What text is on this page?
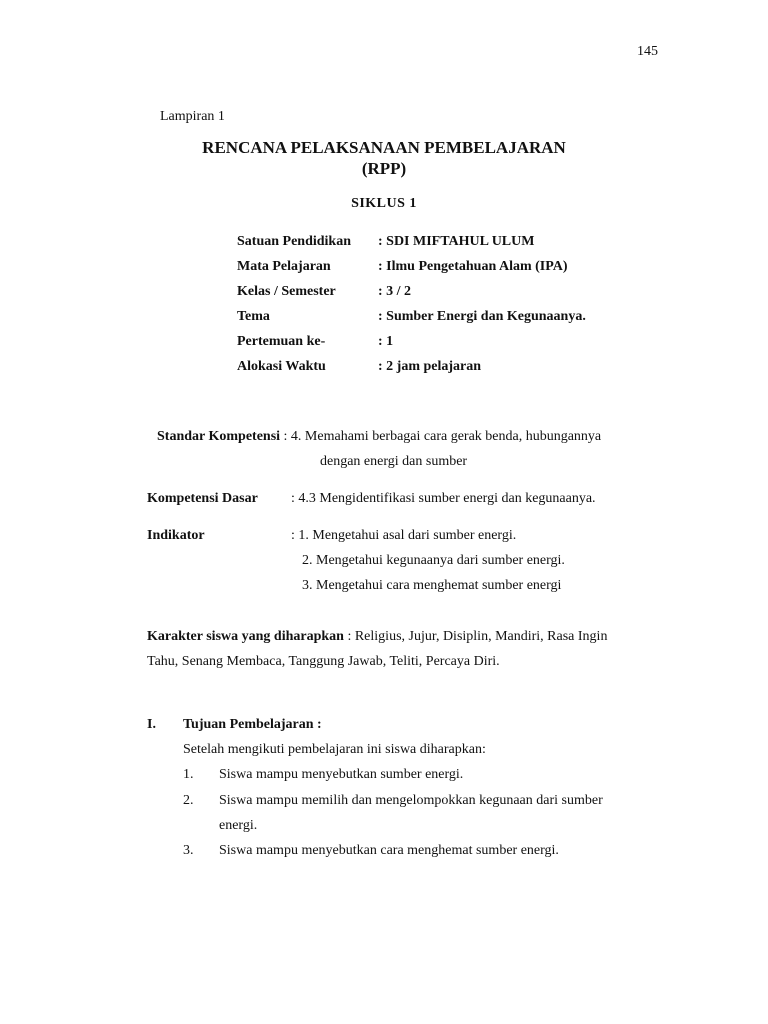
145
Lampiran 1
RENCANA PELAKSANAAN PEMBELAJARAN
(RPP)
SIKLUS 1
Satuan Pendidikan : SDI MIFTAHUL ULUM
Mata Pelajaran	: Ilmu Pengetahuan Alam (IPA)
Kelas / Semester	: 3 / 2
Tema	: Sumber Energi dan Kegunaanya.
Pertemuan ke-	: 1
Alokasi Waktu	: 2 jam pelajaran
Standar Kompetensi : 4. Memahami berbagai cara gerak benda, hubungannya
dengan energi dan sumber
Kompetensi Dasar : 4.3 Mengidentifikasi sumber energi dan kegunaanya.
Indikator	: 1. Mengetahui asal dari sumber energi.
2. Mengetahui kegunaanya dari sumber energi.
3. Mengetahui cara menghemat sumber energi
Karakter siswa yang diharapkan : Religius, Jujur, Disiplin, Mandiri, Rasa Ingin
Tahu, Senang Membaca, Tanggung Jawab, Teliti, Percaya Diri.
I. Tujuan Pembelajaran :
Setelah mengikuti pembelajaran ini siswa diharapkan:
1. Siswa mampu menyebutkan sumber energi.
2. Siswa mampu memilih dan mengelompokkan kegunaan dari sumber
energi.
3. Siswa mampu menyebutkan cara menghemat sumber energi.
